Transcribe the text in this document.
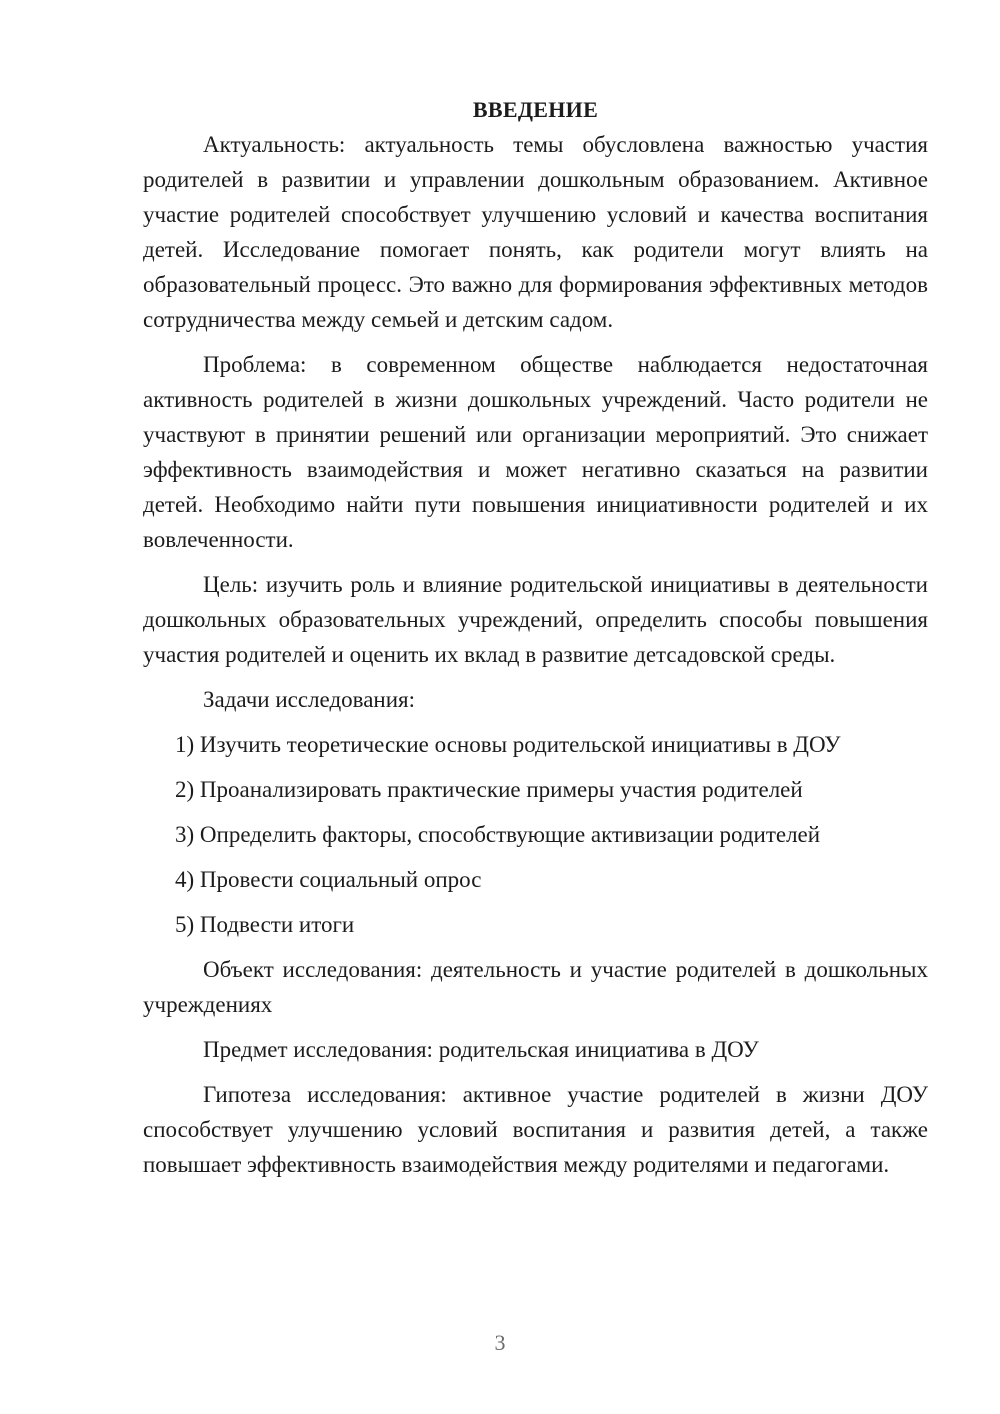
ВВЕДЕНИЕ

Актуальность: актуальность темы обусловлена важностью участия родителей в развитии и управлении дошкольным образованием. Активное участие родителей способствует улучшению условий и качества воспитания детей. Исследование помогает понять, как родители могут влиять на образовательный процесс. Это важно для формирования эффективных методов сотрудничества между семьей и детским садом.

Проблема: в современном обществе наблюдается недостаточная активность родителей в жизни дошкольных учреждений. Часто родители не участвуют в принятии решений или организации мероприятий. Это снижает эффективность взаимодействия и может негативно сказаться на развитии детей. Необходимо найти пути повышения инициативности родителей и их вовлеченности.

Цель: изучить роль и влияние родительской инициативы в деятельности дошкольных образовательных учреждений, определить способы повышения участия родителей и оценить их вклад в развитие детсадовской среды.

Задачи исследования:

1) Изучить теоретические основы родительской инициативы в ДОУ
2) Проанализировать практические примеры участия родителей
3) Определить факторы, способствующие активизации родителей
4) Провести социальный опрос
5) Подвести итоги

Объект исследования: деятельность и участие родителей в дошкольных учреждениях

Предмет исследования: родительская инициатива в ДОУ

Гипотеза исследования: активное участие родителей в жизни ДОУ способствует улучшению условий воспитания и развития детей, а также повышает эффективность взаимодействия между родителями и педагогами.

3
